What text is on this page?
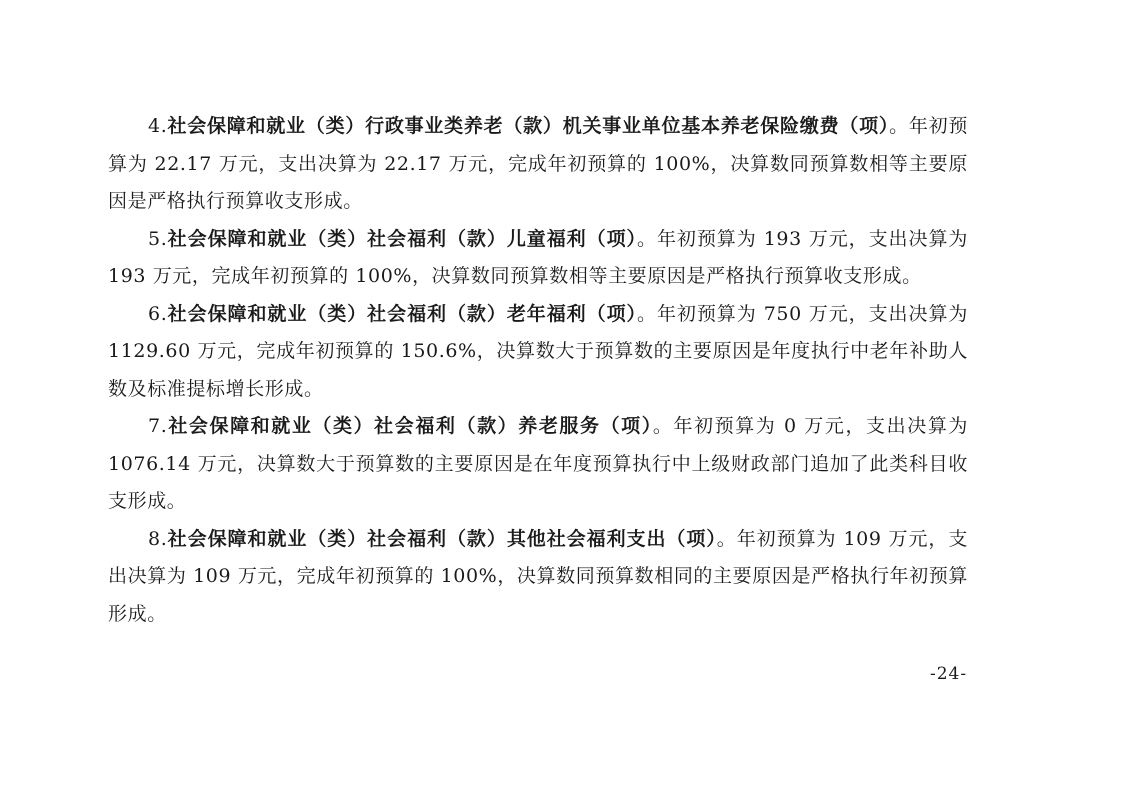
4.社会保障和就业（类）行政事业类养老（款）机关事业单位基本养老保险缴费（项）。年初预算为 22.17 万元，支出决算为 22.17 万元，完成年初预算的 100%，决算数同预算数相等主要原因是严格执行预算收支形成。

5.社会保障和就业（类）社会福利（款）儿童福利（项）。年初预算为 193 万元，支出决算为 193 万元，完成年初预算的 100%，决算数同预算数相等主要原因是严格执行预算收支形成。

6.社会保障和就业（类）社会福利（款）老年福利（项）。年初预算为 750 万元，支出决算为 1129.60 万元，完成年初预算的 150.6%，决算数大于预算数的主要原因是年度执行中老年补助人数及标准提标增长形成。

7.社会保障和就业（类）社会福利（款）养老服务（项）。年初预算为 0 万元，支出决算为 1076.14 万元，决算数大于预算数的主要原因是在年度预算执行中上级财政部门追加了此类科目收支形成。

8.社会保障和就业（类）社会福利（款）其他社会福利支出（项）。年初预算为 109 万元，支出决算为 109 万元，完成年初预算的 100%，决算数同预算数相同的主要原因是严格执行年初预算形成。

-24-
